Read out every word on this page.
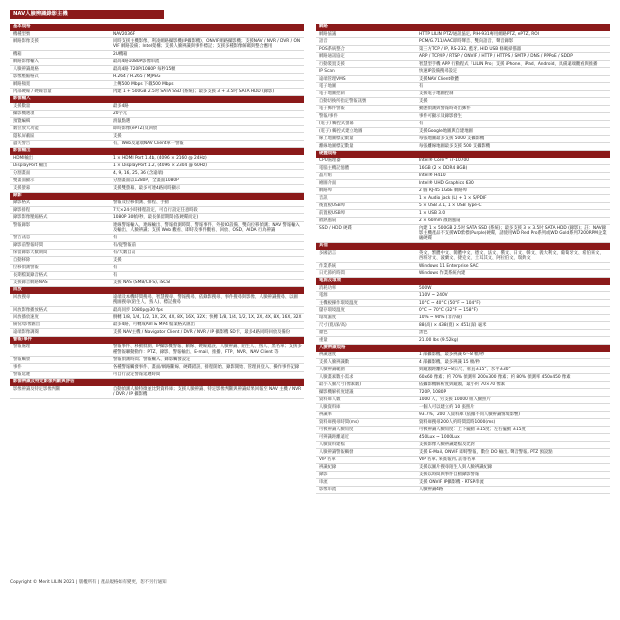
NAV人臉辨識錄影主機
基本規格
機種型號	NAV2036F
網路影像支援	同時支援主機影像、利凌網路攝影機(IP攝影機)、ONVIF網路攝影機；支援NAV / NVR / DVR / ONVIF 網路設備；Intel架構；支援人臉辨識與事件標記；支援多種影像解碼與整合應用
機箱	2U機箱
網路影像輸入	最高4路1080P影像串流
人臉辨識規格	最高4路 720P/1080P 每秒15幀
影像壓縮格式	H.264 / H.265 / MJPEG
網路頻寬	上傳500 Mbps 下載500 Mbps
內部硬碟 / 硬碟容量	內建 1 + 500GB 2.5吋 SATA SSD (系統)；最多支援 3 + 3.5吋 SATA HDD (錄影)
影像輸入
支援數量	最多4路
攝影機選項	20字元
預覽編輯	滑鼠點選
數位放大功能	即時影像(ePTZ)及回放
隱私屏蔽區	支援
遺失警告	有，Web及遠端NAV Client單一警報
影像輸出
HDMI輸出	1 × HDMI Port 1.4b, (4096 × 2160 @ 24Hz)
DisplayPort 輸出	1 × DisplayPort 1.2, (4096 × 2304 @ 60Hz)
分割畫面	4, 9, 16, 25, 36 (含遠端)
雙畫面顯示	分割畫面以1280P，全畫面1080P
支援螢幕	支援雙螢幕，最多可連4路同時顯示
錄影
錄影格式	警報及位移偵測、排程、手動
錄影排程	7天×24小時排程設定，可自行設定任意時段
錄影影像壓縮格式	1080P 30幀/秒，最長保留期間(依硬碟而定)
警報錄影	連線警報輸入、連線輸出、警報偵測時間、警報事件、外接IO設備、雙向位移偵測；NAV 警報輸入及輸出、人臉辨識；支援 Web 觀看、即時及事件觀看、回放、OSD、AIDA 行為辨識
警告訊息	有
錄影前警報時間	有/從警報前
保留錄影天數期間	有/天數自訂
自動移除	支援
位移偵測警報	有
長期檔案錄音格式	有
支援錄音網路NAS	支援 NAS (SMB/CIFS), iSCSI
回放
回放搜尋	遠端及本機時間搜尋、智慧搜尋、警報搜尋、依錄影搜尋、事件搜尋與影像、人臉辨識搜尋、以圖搜圖搜尋(陌生人、熟人)、標記搜尋
回放影像播放格式	最高同步 1080p@30 fps
回放播放速度	倒轉 1/8, 1/4, 1/2, 1X, 2X, 4X, 8X, 16X, 32X；快轉 1/8, 1/4, 1/2, 1X, 2X, 4X, 8X, 16X, 32X
備份/影像匯出	最多4路，可轉成AVI & MP4 檔案格式匯出
遠端影像調閱	支援 NAV主機 / Navigator Client / DVR / NVR / IP 攝影機 SD卡，最多4路同時回放及備份
警報/事件
警報處理	警報事件、移動偵測、IP攝影機警報、斷線、硬碟錯誤、人臉辨識、陌生人、熟人、黑名單；支援多種警報聯動動作：PTZ、錄影、警報輸出、E-mail、推播、FTP、NVR、NAV Client 等
警報觸發	警報偵測時間；警報輸入、錄影觸發設定
事件	各種警報觸發事件、畫面/網路斷線、硬碟錯誤、排程開始、錄影開始、管理員登入、操作事件記錄
警報延遲	可自行設定警報延遲時間
影像辨識及特定影像判斷與評估
影像辨識及特定影像判斷	自動偵測人臉特徵並比對資料庫；支援人臉辨識、特定影像判斷與辨識結果回報至 NAV 主機 / NVR / DVR / IP 攝影機
網路
網路協議	HTTP LILIN PTZ/通訊協定, PIH-931專用網路PTZ, ePTZ, ROI
語音	PCM/G.711/AAC即時聲音、雙向語音、聲音錄影
POS系統整合	第三方TCP / IP, RS-232, 藍牙, HID USB 條碼掃描器
網路通訊協定	ARP / TCP/IP / RTSP / ONVIF / HTTP / HTTPS / SMTP / DNS / PPPoE / SDDP
行動裝置支援	智慧型手機 APP 行動程式「LILIN Pro」支援 iPhone、iPad、Android，具備遠端觀看與推播
IP Scan	快速IP設備搜尋設定
遠端管理VMS	支援NAV Client軟體
電子地圖	有
電子地圖控制	支援電子地圖控制
自動切換所指定警報訊號	支援
電子郵件警報	動態偵測與警報時寄出郵件
警報/事件	事件可顯示及錄影發生
(電子) 觸控式螢幕	有
(電子) 觸控式建立地圖	支援Google地圖與自建地圖
線上地圖標記數量	每張地圖最多支援 5000 支攝影機
離線地圖標記數量	每張離線地圖最多支援 500 支攝影機
硬體規格
CPU處理器	Intel® Core™ i7-10700
電腦主機記憶體	16GB (2 × DDR4 8GB)
晶片組	Intel® H410
繪圖介面	Intel® UHD Graphics 630
網路埠	2 個 RJ-45 1GbE 網路埠
音訊	1 × Audio jack (L) + 1 × S/PDIF
後置板USB埠	5 × USB 3.1, 1 × USB Type-C
前置板USB埠	1 × USB 3.0
散熱風扇	2 × 60mm 散熱風扇
SSD / HDD 硬碟	內建 1 × 500GB 2.5吋 SATA SSD (系統)；最多支援 3 × 3.5吋 SATA HDD (錄影)；註：NAV錄影主機產品不支援WD紫標(Purple)硬碟，請使用WD Red Pro系列或WD Gold系列7200RPM企業級硬碟
其他
多國語言	英文、繁體中文、簡體中文、德文、法文、俄文、日文、韓文、義大利文、葡萄牙文、希伯來文、西班牙文、波蘭文、捷克文、土耳其文、阿拉伯文、瑞典文
作業系統	Windows 11 Enterprise SAC
日光節約時間	Windows 作業系統內建
電源及環境
消耗功率	500W
電源	110V ~ 240V
主機板操作環境溫度	10°C ~ 40°C (50°F ~ 104°F)
儲存環境溫度	0°C ~ 70°C (32°F ~ 158°F)
環境濕度	10% ~ 90% (非冷凝)
尺寸(寬/深/高)	88(高) × 438(寬) × 451(深) 毫米
顏色	黑色
重量	21.00 lbs (9.52kg)
人臉辨識規格
辨識速度	1 部攝影機，最多辨識 6～8 幀/秒
支援人臉辨識數	4 部攝影機，最多辨識 15 幀/秒
人臉辨識範圍	與鏡頭距離約2~8公尺、垂直±15°、水平±30°
人臉畫素數小需求	60x60 像素；約 70% 偵測率 200x300 像素；約 80% 偵測率 450x450 像素
最小人臉尺寸(像素數)	依攝影機解析度與鏡頭，最小約 70×70 像素
攝影機解析度建議	720P, 1080P
資料庫人數	1000 人，另支援 10000 組人臉照片
人臉資料庫	一個人可以建立約 10 張照片
辨識率	93.7%，200 人資料庫 (依據不同人臉辨識情境影響)
資料庫搜尋時間(ms)	資料庫搜尋200人約時間需時1000(ms)
可被辨識人臉角度	可被辨識人臉角度：上下擺動 ±15度；左右擺動 ±15度
可辨識距離遠近	450Lux ~ 1000Lux
人臉資料建檔	支援影像人臉辨識建檔及比對
人臉辨識警報觸發	支援 E-Mail, ONVIF 即時警報，數位 DO 輸出, 聲音警報, PTZ 預設點
VIP 名單	VIP 名單, 來賓報到, 訪客名單
辨識紀錄	支援以圖片搜尋陌生人與人臉辨識紀錄
錄影	支援以時間與事件自動錄影警報
串流	支援 ONVIF IP攝影機 - RTSP串流
影像串流	人臉辨識4路
Copyright © Merit LILIN 2021 | 版權所有 | 產品規格如有變更，恕不另行通知
